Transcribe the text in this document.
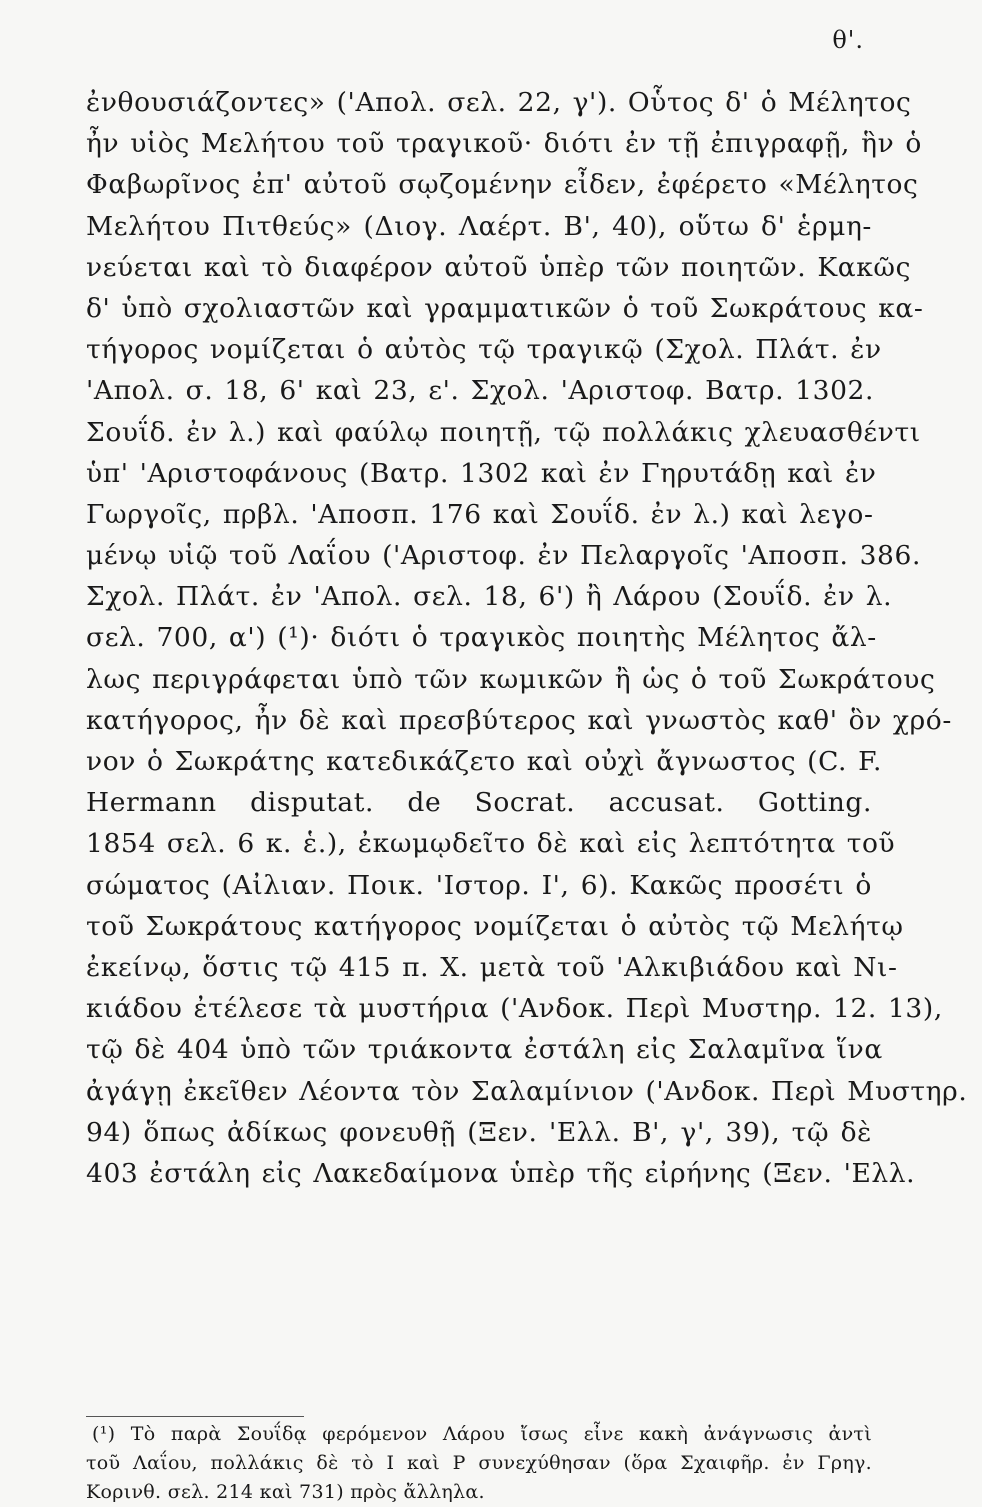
θ'.
ἐνθουσιάζοντες» ('Απολ. σελ. 22, γ'). Οὗτος δ' ὁ Μέλητος
ἦν υἱὸς Μελήτου τοῦ τραγικοῦ· διότι ἐν τῇ ἐπιγραφῇ, ἣν ὁ
Φαβωρῖνος ἐπ' αὐτοῦ σῳζομένην εἶδεν, ἐφέρετο «Μέλητος
Μελήτου Πιτθεύς» (Διογ. Λαέρτ. Β', 40), οὕτω δ' ἑρμη-
νεύεται καὶ τὸ διαφέρον αὐτοῦ ὑπὲρ τῶν ποιητῶν. Κακῶς
δ' ὑπὸ σχολιαστῶν καὶ γραμματικῶν ὁ τοῦ Σωκράτους κα-
τήγορος νομίζεται ὁ αὐτὸς τῷ τραγικῷ (Σχολ. Πλάτ. ἐν
'Απολ. σ. 18, 6' καὶ 23, ε'. Σχολ. 'Αριστοφ. Βατρ. 1302.
Σουΐδ. ἐν λ.) καὶ φαύλῳ ποιητῇ, τῷ πολλάκις χλευασθέντι
ὑπ' 'Αριστοφάνους (Βατρ. 1302 καὶ ἐν Γηρυτάδῃ καὶ ἐν
Γωργοῖς, πρβλ. 'Αποσπ. 176 καὶ Σουΐδ. ἐν λ.) καὶ λεγο-
μένῳ υἱῷ τοῦ Λαΐου ('Αριστοφ. ἐν Πελαργοῖς 'Αποσπ. 386.
Σχολ. Πλάτ. ἐν 'Απολ. σελ. 18, 6') ἢ Λάρου (Σουΐδ. ἐν λ.
σελ. 700, α') (¹)· διότι ὁ τραγικὸς ποιητὴς Μέλητος ἄλ-
λως περιγράφεται ὑπὸ τῶν κωμικῶν ἢ ὡς ὁ τοῦ Σωκράτους
κατήγορος, ἦν δὲ καὶ πρεσβύτερος καὶ γνωστὸς καθ' ὃν χρό-
νον ὁ Σωκράτης κατεδικάζετο καὶ οὐχὶ ἄγνωστος (C. F.
Hermann disputat. de Socrat. accusat. Gotting.
1854 σελ. 6 κ. ἑ.), ἐκωμῳδεῖτο δὲ καὶ εἰς λεπτότητα τοῦ
σώματος (Αἰλιαν. Ποικ. 'Ιστορ. Ι', 6). Κακῶς προσέτι ὁ
τοῦ Σωκράτους κατήγορος νομίζεται ὁ αὐτὸς τῷ Μελήτῳ
ἐκείνῳ, ὅστις τῷ 415 π. Χ. μετὰ τοῦ 'Αλκιβιάδου καὶ Νι-
κιάδου ἐτέλεσε τὰ μυστήρια ('Ανδοκ. Περὶ Μυστηρ. 12. 13),
τῷ δὲ 404 ὑπὸ τῶν τριάκοντα ἐστάλη εἰς Σαλαμῖνα ἵνα
ἀγάγῃ ἐκεῖθεν Λέοντα τὸν Σαλαμίνιον ('Ανδοκ. Περὶ Μυστηρ.
94) ὅπως ἀδίκως φονευθῇ (Ξεν. 'Ελλ. Β', γ', 39), τῷ δὲ
403 ἐστάλη εἰς Λακεδαίμονα ὑπὲρ τῆς εἰρήνης (Ξεν. 'Ελλ.
(¹) Τὸ παρὰ Σουΐδᾳ φερόμενον Λάρου ἴσως εἶνε κακὴ ἀνάγνωσις ἀντὶ
τοῦ Λαΐου, πολλάκις δὲ τὸ Ι καὶ Ρ συνεχύθησαν (ὅρα Σχαιφῆρ. ἐν Γρηγ.
Κορινθ. σελ. 214 καὶ 731) πρὸς ἄλληλα.
